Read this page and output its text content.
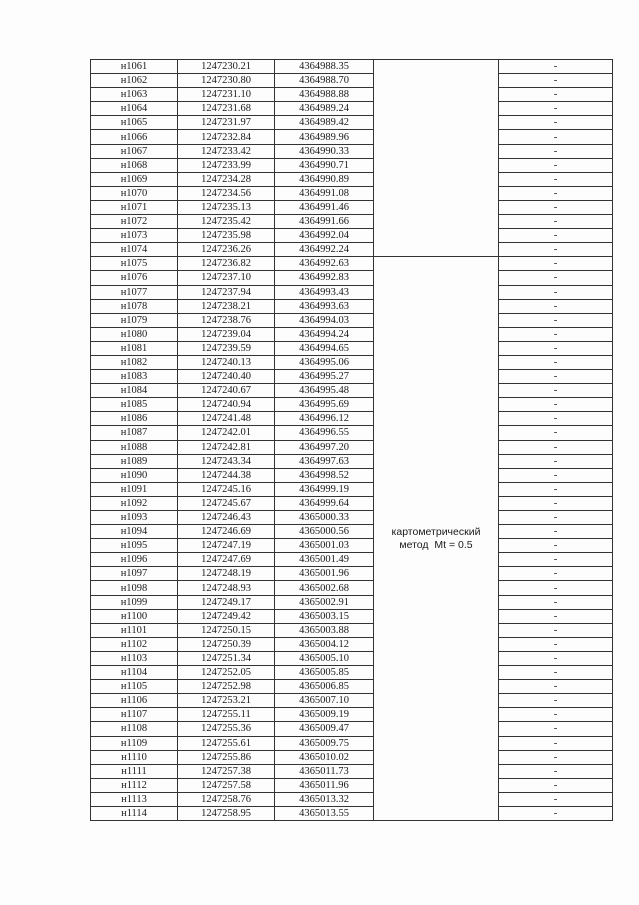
н1061	1247230.21	4364988.35		-
н1062	1247230.80	4364988.70		-
н1063	1247231.10	4364988.88		-
н1064	1247231.68	4364989.24		-
н1065	1247231.97	4364989.42		-
н1066	1247232.84	4364989.96		-
н1067	1247233.42	4364990.33		-
н1068	1247233.99	4364990.71		-
н1069	1247234.28	4364990.89		-
н1070	1247234.56	4364991.08		-
н1071	1247235.13	4364991.46		-
н1072	1247235.42	4364991.66		-
н1073	1247235.98	4364992.04		-
н1074	1247236.26	4364992.24		-
н1075	1247236.82	4364992.63	картометрический
метод  Mt = 0.5	-
н1076	1247237.10	4364992.83		-
н1077	1247237.94	4364993.43		-
н1078	1247238.21	4364993.63		-
н1079	1247238.76	4364994.03		-
н1080	1247239.04	4364994.24		-
н1081	1247239.59	4364994.65		-
н1082	1247240.13	4364995.06		-
н1083	1247240.40	4364995.27		-
н1084	1247240.67	4364995.48		-
н1085	1247240.94	4364995.69		-
н1086	1247241.48	4364996.12		-
н1087	1247242.01	4364996.55		-
н1088	1247242.81	4364997.20		-
н1089	1247243.34	4364997.63		-
н1090	1247244.38	4364998.52		-
н1091	1247245.16	4364999.19		-
н1092	1247245.67	4364999.64		-
н1093	1247246.43	4365000.33		-
н1094	1247246.69	4365000.56		-
н1095	1247247.19	4365001.03		-
н1096	1247247.69	4365001.49		-
н1097	1247248.19	4365001.96		-
н1098	1247248.93	4365002.68		-
н1099	1247249.17	4365002.91		-
н1100	1247249.42	4365003.15		-
н1101	1247250.15	4365003.88		-
н1102	1247250.39	4365004.12		-
н1103	1247251.34	4365005.10		-
н1104	1247252.05	4365005.85		-
н1105	1247252.98	4365006.85		-
н1106	1247253.21	4365007.10		-
н1107	1247255.11	4365009.19		-
н1108	1247255.36	4365009.47		-
н1109	1247255.61	4365009.75		-
н1110	1247255.86	4365010.02		-
н1111	1247257.38	4365011.73		-
н1112	1247257.58	4365011.96		-
н1113	1247258.76	4365013.32		-
н1114	1247258.95	4365013.55		-
